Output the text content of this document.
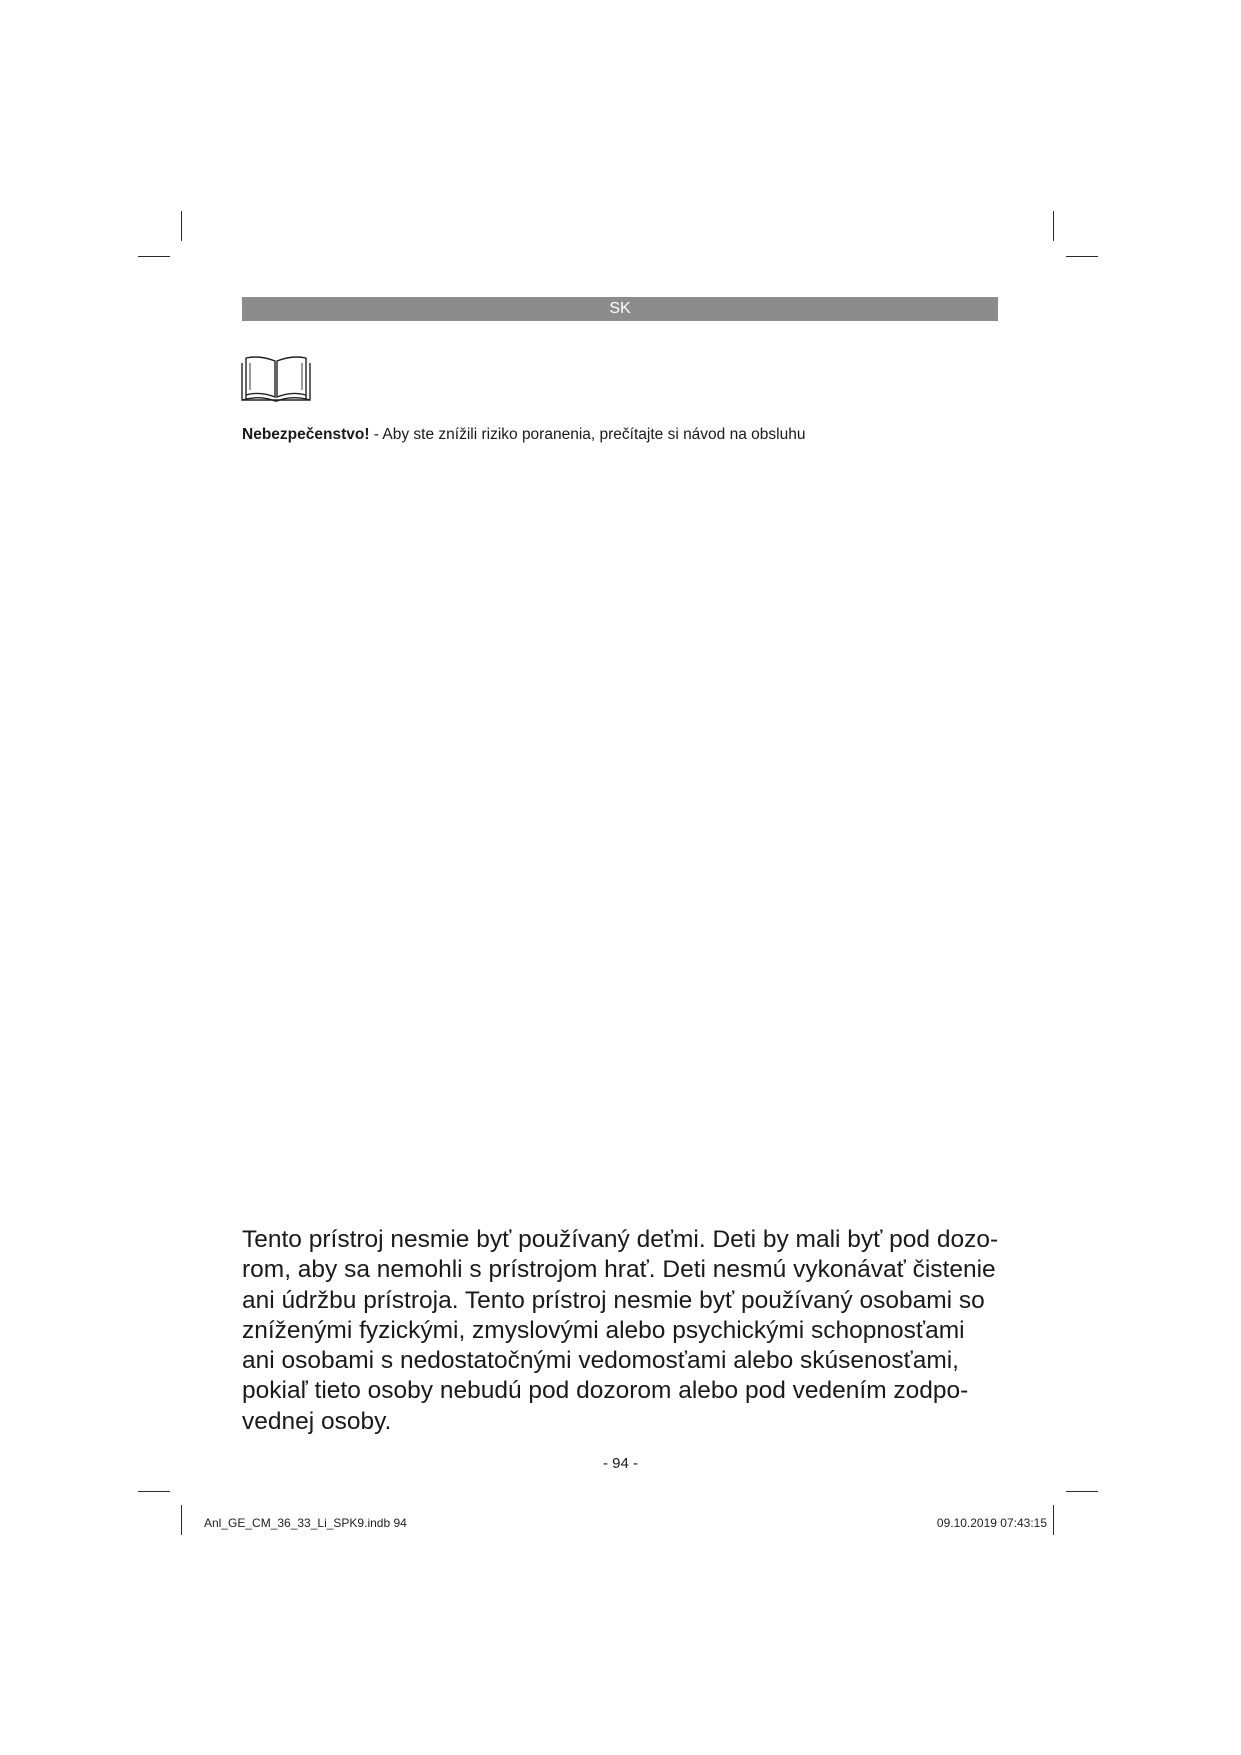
SK
Nebezpečenstvo! - Aby ste znížili riziko poranenia, prečítajte si návod na obsluhu
Tento prístroj nesmie byť používaný deťmi. Deti by mali byť pod dozo-
rom, aby sa nemohli s prístrojom hrať. Deti nesmú vykonávať čistenie
ani údržbu prístroja. Tento prístroj nesmie byť používaný osobami so
zníženými fyzickými, zmyslovými alebo psychickými schopnosťami
ani osobami s nedostatočnými vedomosťami alebo skúsenosťami,
pokiaľ tieto osoby nebudú pod dozorom alebo pod vedením zodpo-
vednej osoby.
- 94 -
Anl_GE_CM_36_33_Li_SPK9.indb 94	09.10.2019 07:43:15
